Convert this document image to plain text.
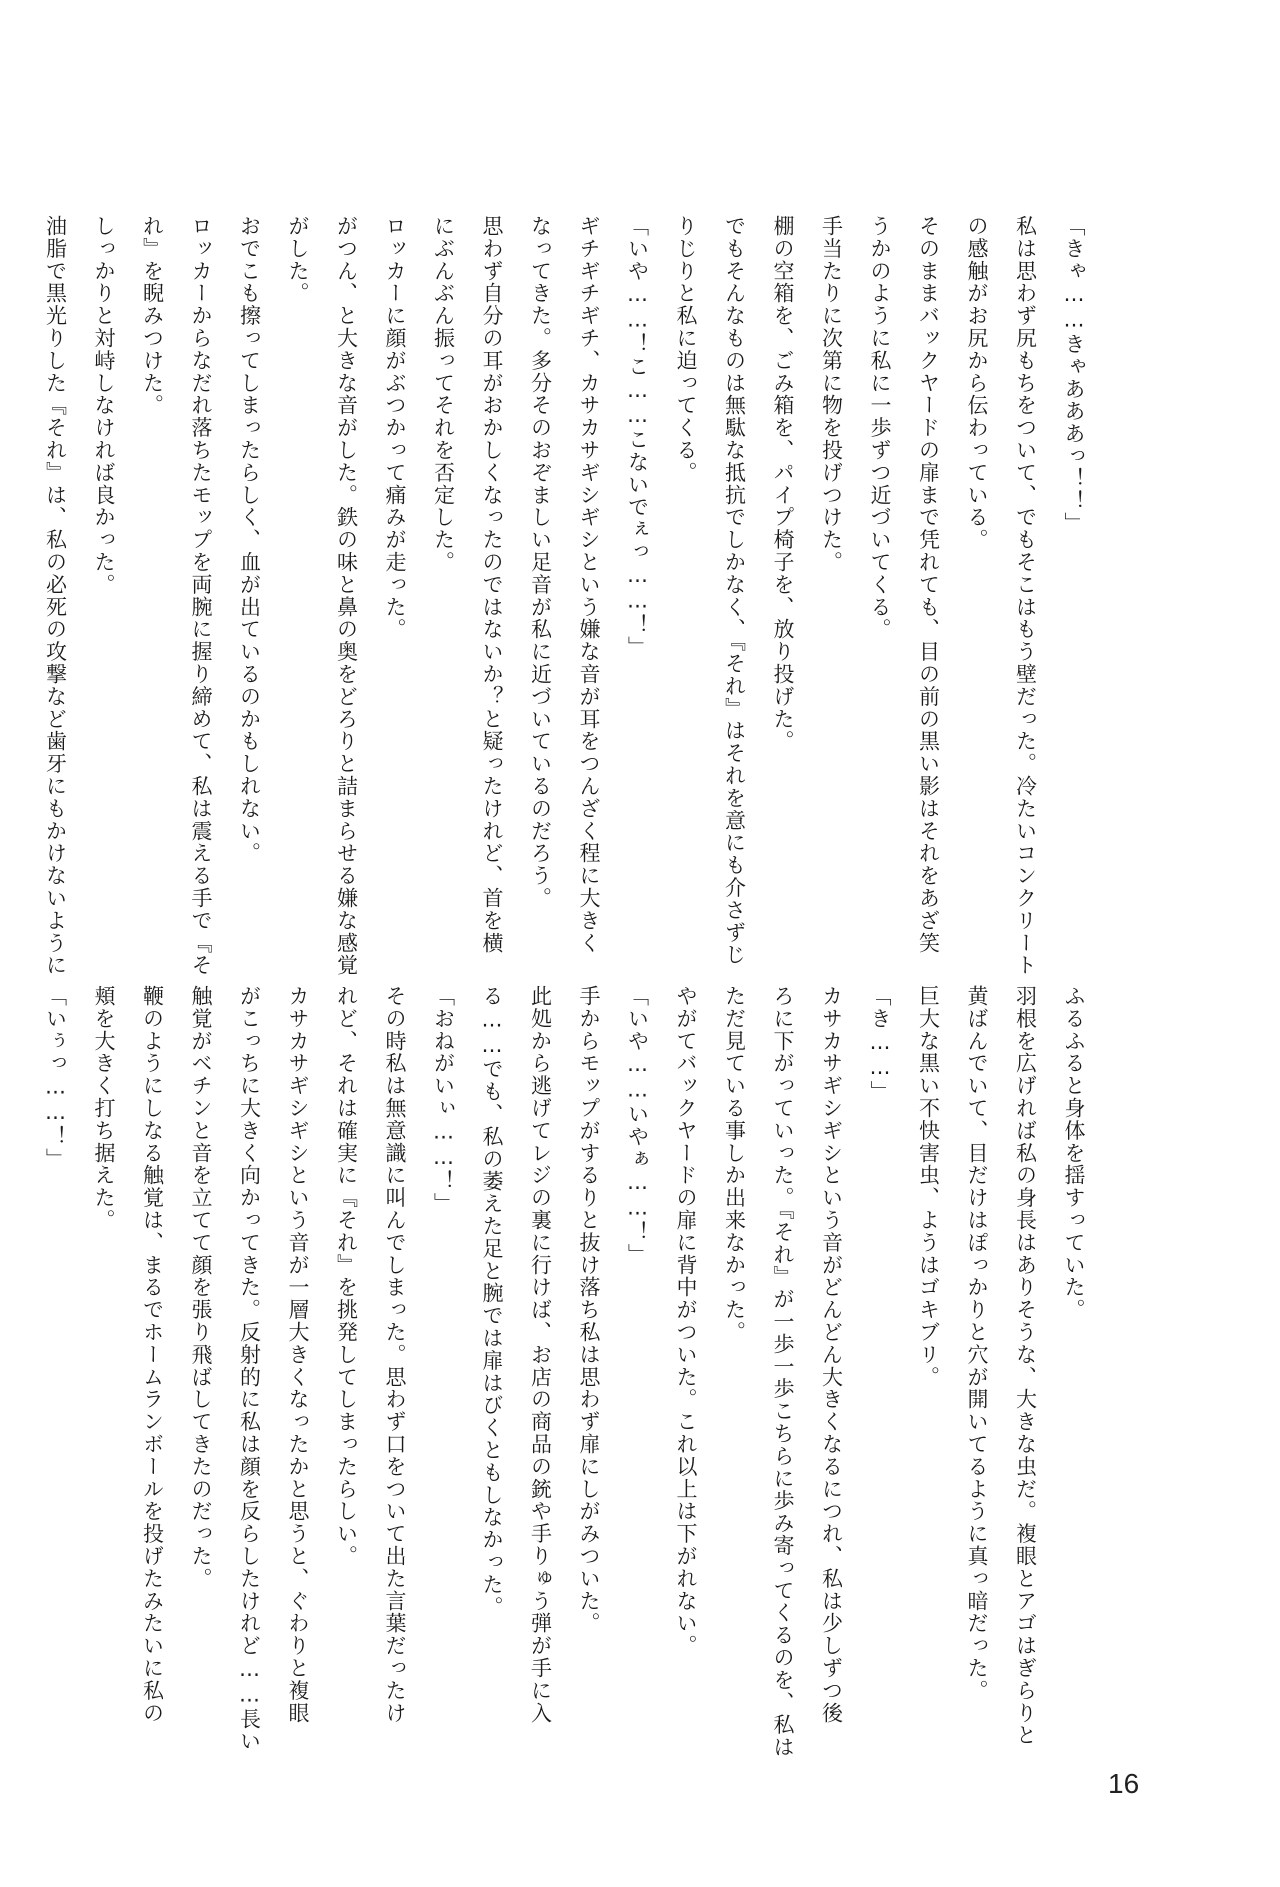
「きゃ……きゃあああっ！！」
私は思わず尻もちをついて、でもそこはもう壁だった。冷たいコンクリート
の感触がお尻から伝わっている。
そのままバックヤードの扉まで凭れても、目の前の黒い影はそれをあざ笑
うかのように私に一歩ずつ近づいてくる。
手当たりに次第に物を投げつけた。
棚の空箱を、ごみ箱を、パイプ椅子を、放り投げた。
でもそんなものは無駄な抵抗でしかなく、『それ』はそれを意にも介さずじ
りじりと私に迫ってくる。
「いや……！こ……こないでぇっ……！」
ギチギチギチ、カサカサギシギシという嫌な音が耳をつんざく程に大きく
なってきた。多分そのおぞましい足音が私に近づいているのだろう。
思わず自分の耳がおかしくなったのではないか？と疑ったけれど、首を横
にぶんぶん振ってそれを否定した。
ロッカーに顔がぶつかって痛みが走った。
がつん、と大きな音がした。鉄の味と鼻の奥をどろりと詰まらせる嫌な感覚
がした。
おでこも擦ってしまったらしく、血が出ているのかもしれない。
ロッカーからなだれ落ちたモップを両腕に握り締めて、私は震える手で『そ
れ』を睨みつけた。
しっかりと対峙しなければ良かった。
油脂で黒光りした『それ』は、私の必死の攻撃など歯牙にもかけないように
ふるふると身体を揺すっていた。
羽根を広げれば私の身長はありそうな、大きな虫だ。複眼とアゴはぎらりと
黄ばんでいて、目だけはぽっかりと穴が開いてるように真っ暗だった。
巨大な黒い不快害虫、ようはゴキブリ。
「き……」
カサカサギシギシという音がどんどん大きくなるにつれ、私は少しずつ後
ろに下がっていった。『それ』が一歩一歩こちらに歩み寄ってくるのを、私は
ただ見ている事しか出来なかった。
やがてバックヤードの扉に背中がついた。これ以上は下がれない。
「いや……いやぁ……！」
手からモップがするりと抜け落ち私は思わず扉にしがみついた。
此処から逃げてレジの裏に行けば、お店の商品の銃や手りゅう弾が手に入
る……でも、私の萎えた足と腕では扉はびくともしなかった。
「おねがいぃ……！」
その時私は無意識に叫んでしまった。思わず口をついて出た言葉だったけ
れど、それは確実に『それ』を挑発してしまったらしい。
カサカサギシギシという音が一層大きくなったかと思うと、ぐわりと複眼
がこっちに大きく向かってきた。反射的に私は顔を反らしたけれど……長い
触覚がベチンと音を立てて顔を張り飛ばしてきたのだった。
鞭のようにしなる触覚は、まるでホームランボールを投げたみたいに私の
頬を大きく打ち据えた。
「いぅっ……！」
16
